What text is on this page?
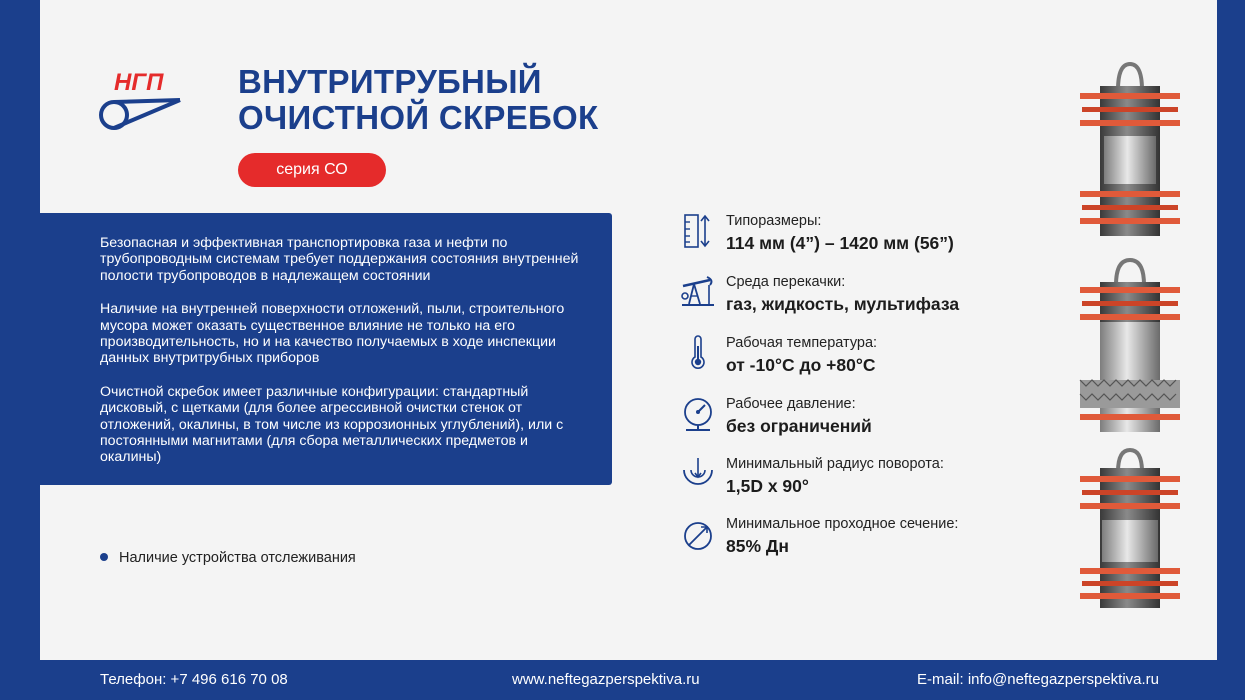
НГП ВНУТРИТРУБНЫЙ
ОЧИСТНОЙ СКРЕБОК
серия СО

Безопасная и эффективная транспортировка газа и нефти по трубопроводным системам требует поддержания состояния внутренней полости трубопроводов в надлежащем состоянии

Наличие на внутренней поверхности отложений, пыли, строительного мусора может оказать существенное влияние не только на его производительность, но и на качество получаемых в ходе инспекции данных внутритрубных приборов

Очистной скребок имеет различные конфигурации: стандартный дисковый, с щетками (для более агрессивной очистки стенок от отложений, окалины, в том числе из коррозионных углублений), или с постоянными магнитами (для сбора металлических предметов и окалины)

Наличие устройства отслеживания
Типоразмеры:
114 мм (4”) – 1420 мм (56”)
Среда перекачки:
газ, жидкость, мультифаза
Рабочая температура:
от -10°C до +80°C
Рабочее давление:
без ограничений
Минимальный радиус поворота:
1,5D x 90°
Минимальное проходное сечение:
85% Дн
Телефон: +7 496 616 70 08	www.neftegazperspektiva.ru	E-mail: info@neftegazperspektiva.ru
